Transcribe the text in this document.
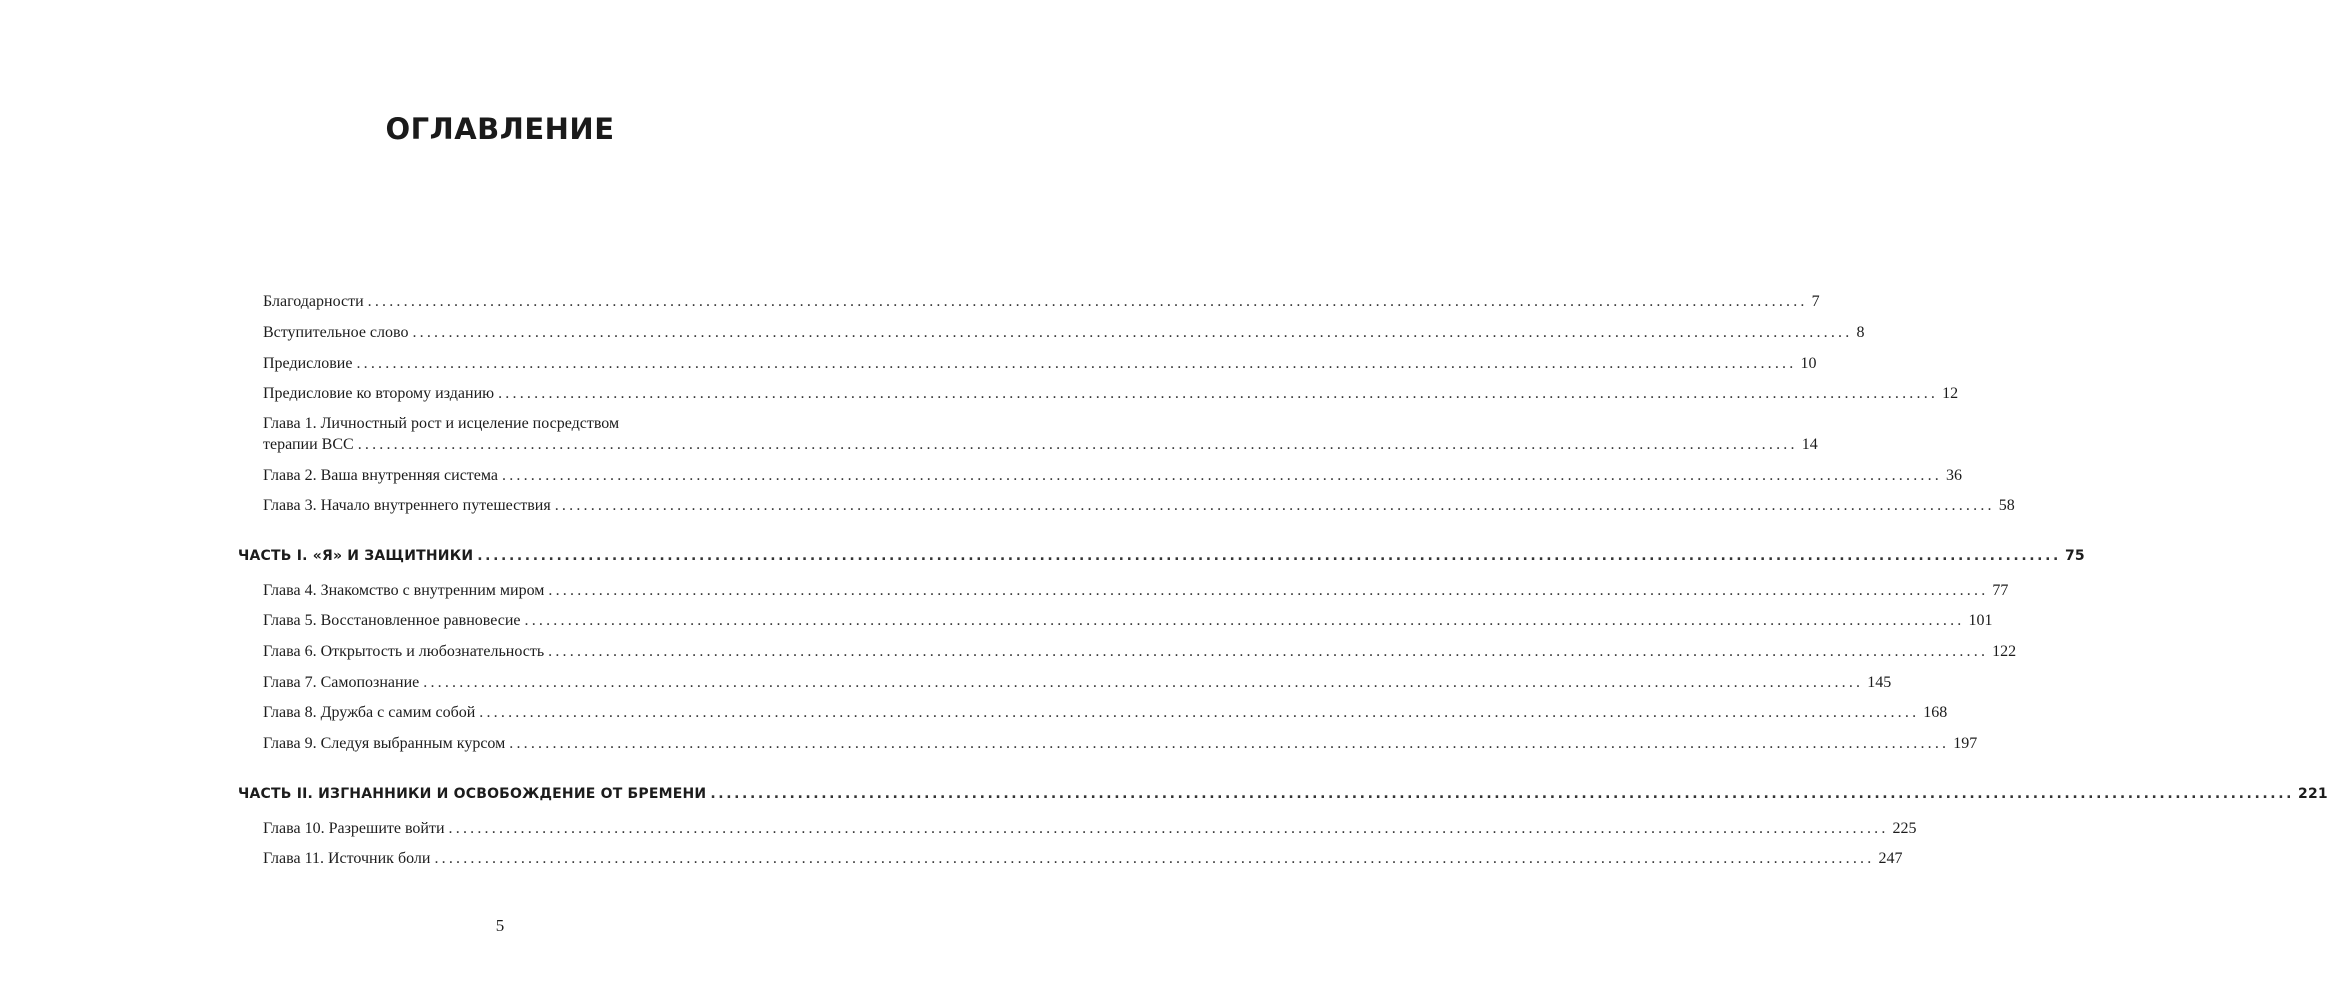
ОГЛАВЛЕНИЕ
Благодарности ........................................................................................................................................................................................................ 7
Вступительное слово ........................................................................................................................................................................................................ 8
Предисловие ........................................................................................................................................................................................................ 10
Предисловие ко второму изданию ........................................................................................................................................................................................................ 12
Глава 1. Личностный рост и исцеление посредством
терапии ВСС ........................................................................................................................................................................................................ 14
Глава 2. Ваша внутренняя система ........................................................................................................................................................................................................ 36
Глава 3. Начало внутреннего путешествия ........................................................................................................................................................................................................ 58
ЧАСТЬ I. «Я» И ЗАЩИТНИКИ ........................................................................................................................................................................................................ 75
Глава 4. Знакомство с внутренним миром ........................................................................................................................................................................................................ 77
Глава 5. Восстановленное равновесие ........................................................................................................................................................................................................ 101
Глава 6. Открытость и любознательность ........................................................................................................................................................................................................ 122
Глава 7. Самопознание ........................................................................................................................................................................................................ 145
Глава 8. Дружба с самим собой ........................................................................................................................................................................................................ 168
Глава 9. Следуя выбранным курсом ........................................................................................................................................................................................................ 197
ЧАСТЬ II. ИЗГНАННИКИ И ОСВОБОЖДЕНИЕ ОТ БРЕМЕНИ ........................................................................................................................................................................................................ 221
Глава 10. Разрешите войти ........................................................................................................................................................................................................ 225
Глава 11. Источник боли ........................................................................................................................................................................................................ 247
5
